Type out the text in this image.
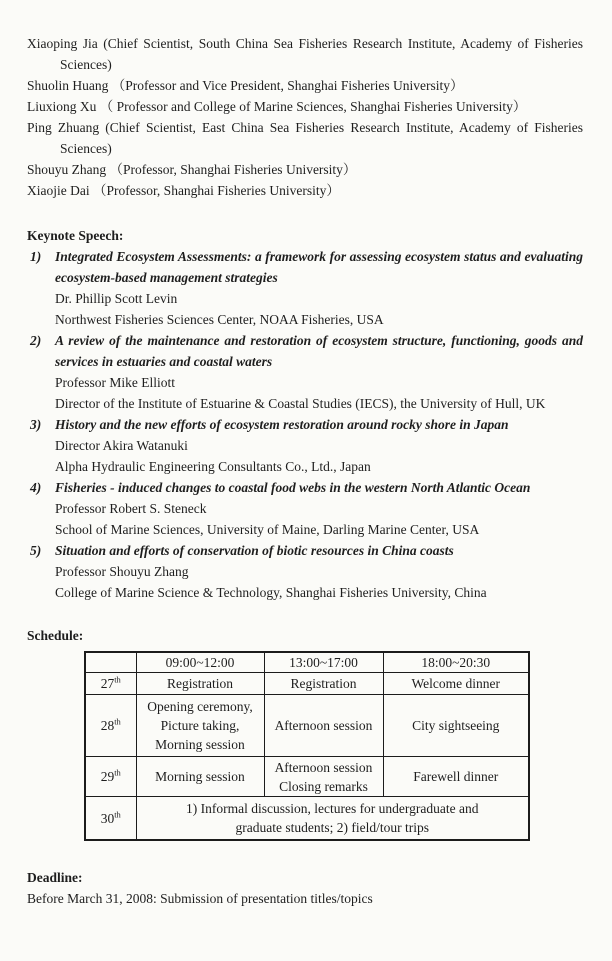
Xiaoping Jia (Chief Scientist, South China Sea Fisheries Research Institute, Academy of Fisheries Sciences)

Shuolin Huang （Professor and Vice President, Shanghai Fisheries University）

Liuxiong Xu （ Professor and College of Marine Sciences, Shanghai Fisheries University）

Ping Zhuang (Chief Scientist, East China Sea Fisheries Research Institute, Academy of Fisheries Sciences)

Shouyu Zhang （Professor, Shanghai Fisheries University）

Xiaojie Dai （Professor, Shanghai Fisheries University）

Keynote Speech:

1) Integrated Ecosystem Assessments: a framework for assessing ecosystem status and evaluating ecosystem-based management strategies
Dr. Phillip Scott Levin
Northwest Fisheries Sciences Center, NOAA Fisheries, USA
2) A review of the maintenance and restoration of ecosystem structure, functioning, goods and services in estuaries and coastal waters
Professor Mike Elliott
Director of the Institute of Estuarine & Coastal Studies (IECS), the University of Hull, UK
3) History and the new efforts of ecosystem restoration around rocky shore in Japan
Director Akira Watanuki
Alpha Hydraulic Engineering Consultants Co., Ltd., Japan
4) Fisheries - induced changes to coastal food webs in the western North Atlantic Ocean
Professor Robert S. Steneck
School of Marine Sciences, University of Maine, Darling Marine Center, USA
5) Situation and efforts of conservation of biotic resources in China coasts
Professor Shouyu Zhang
College of Marine Science & Technology, Shanghai Fisheries University, China

Schedule:

	09:00~12:00	13:00~17:00	18:00~20:30
27th	Registration	Registration	Welcome dinner

28th	Opening ceremony,
Picture taking,
Morning session	Afternoon session	City sightseeing

29th	Morning session	Afternoon session
Closing remarks	Farewell dinner

30th	1) Informal discussion, lectures for undergraduate and
graduate students; 2) field/tour trips		

Deadline:

Before March 31, 2008: Submission of presentation titles/topics
